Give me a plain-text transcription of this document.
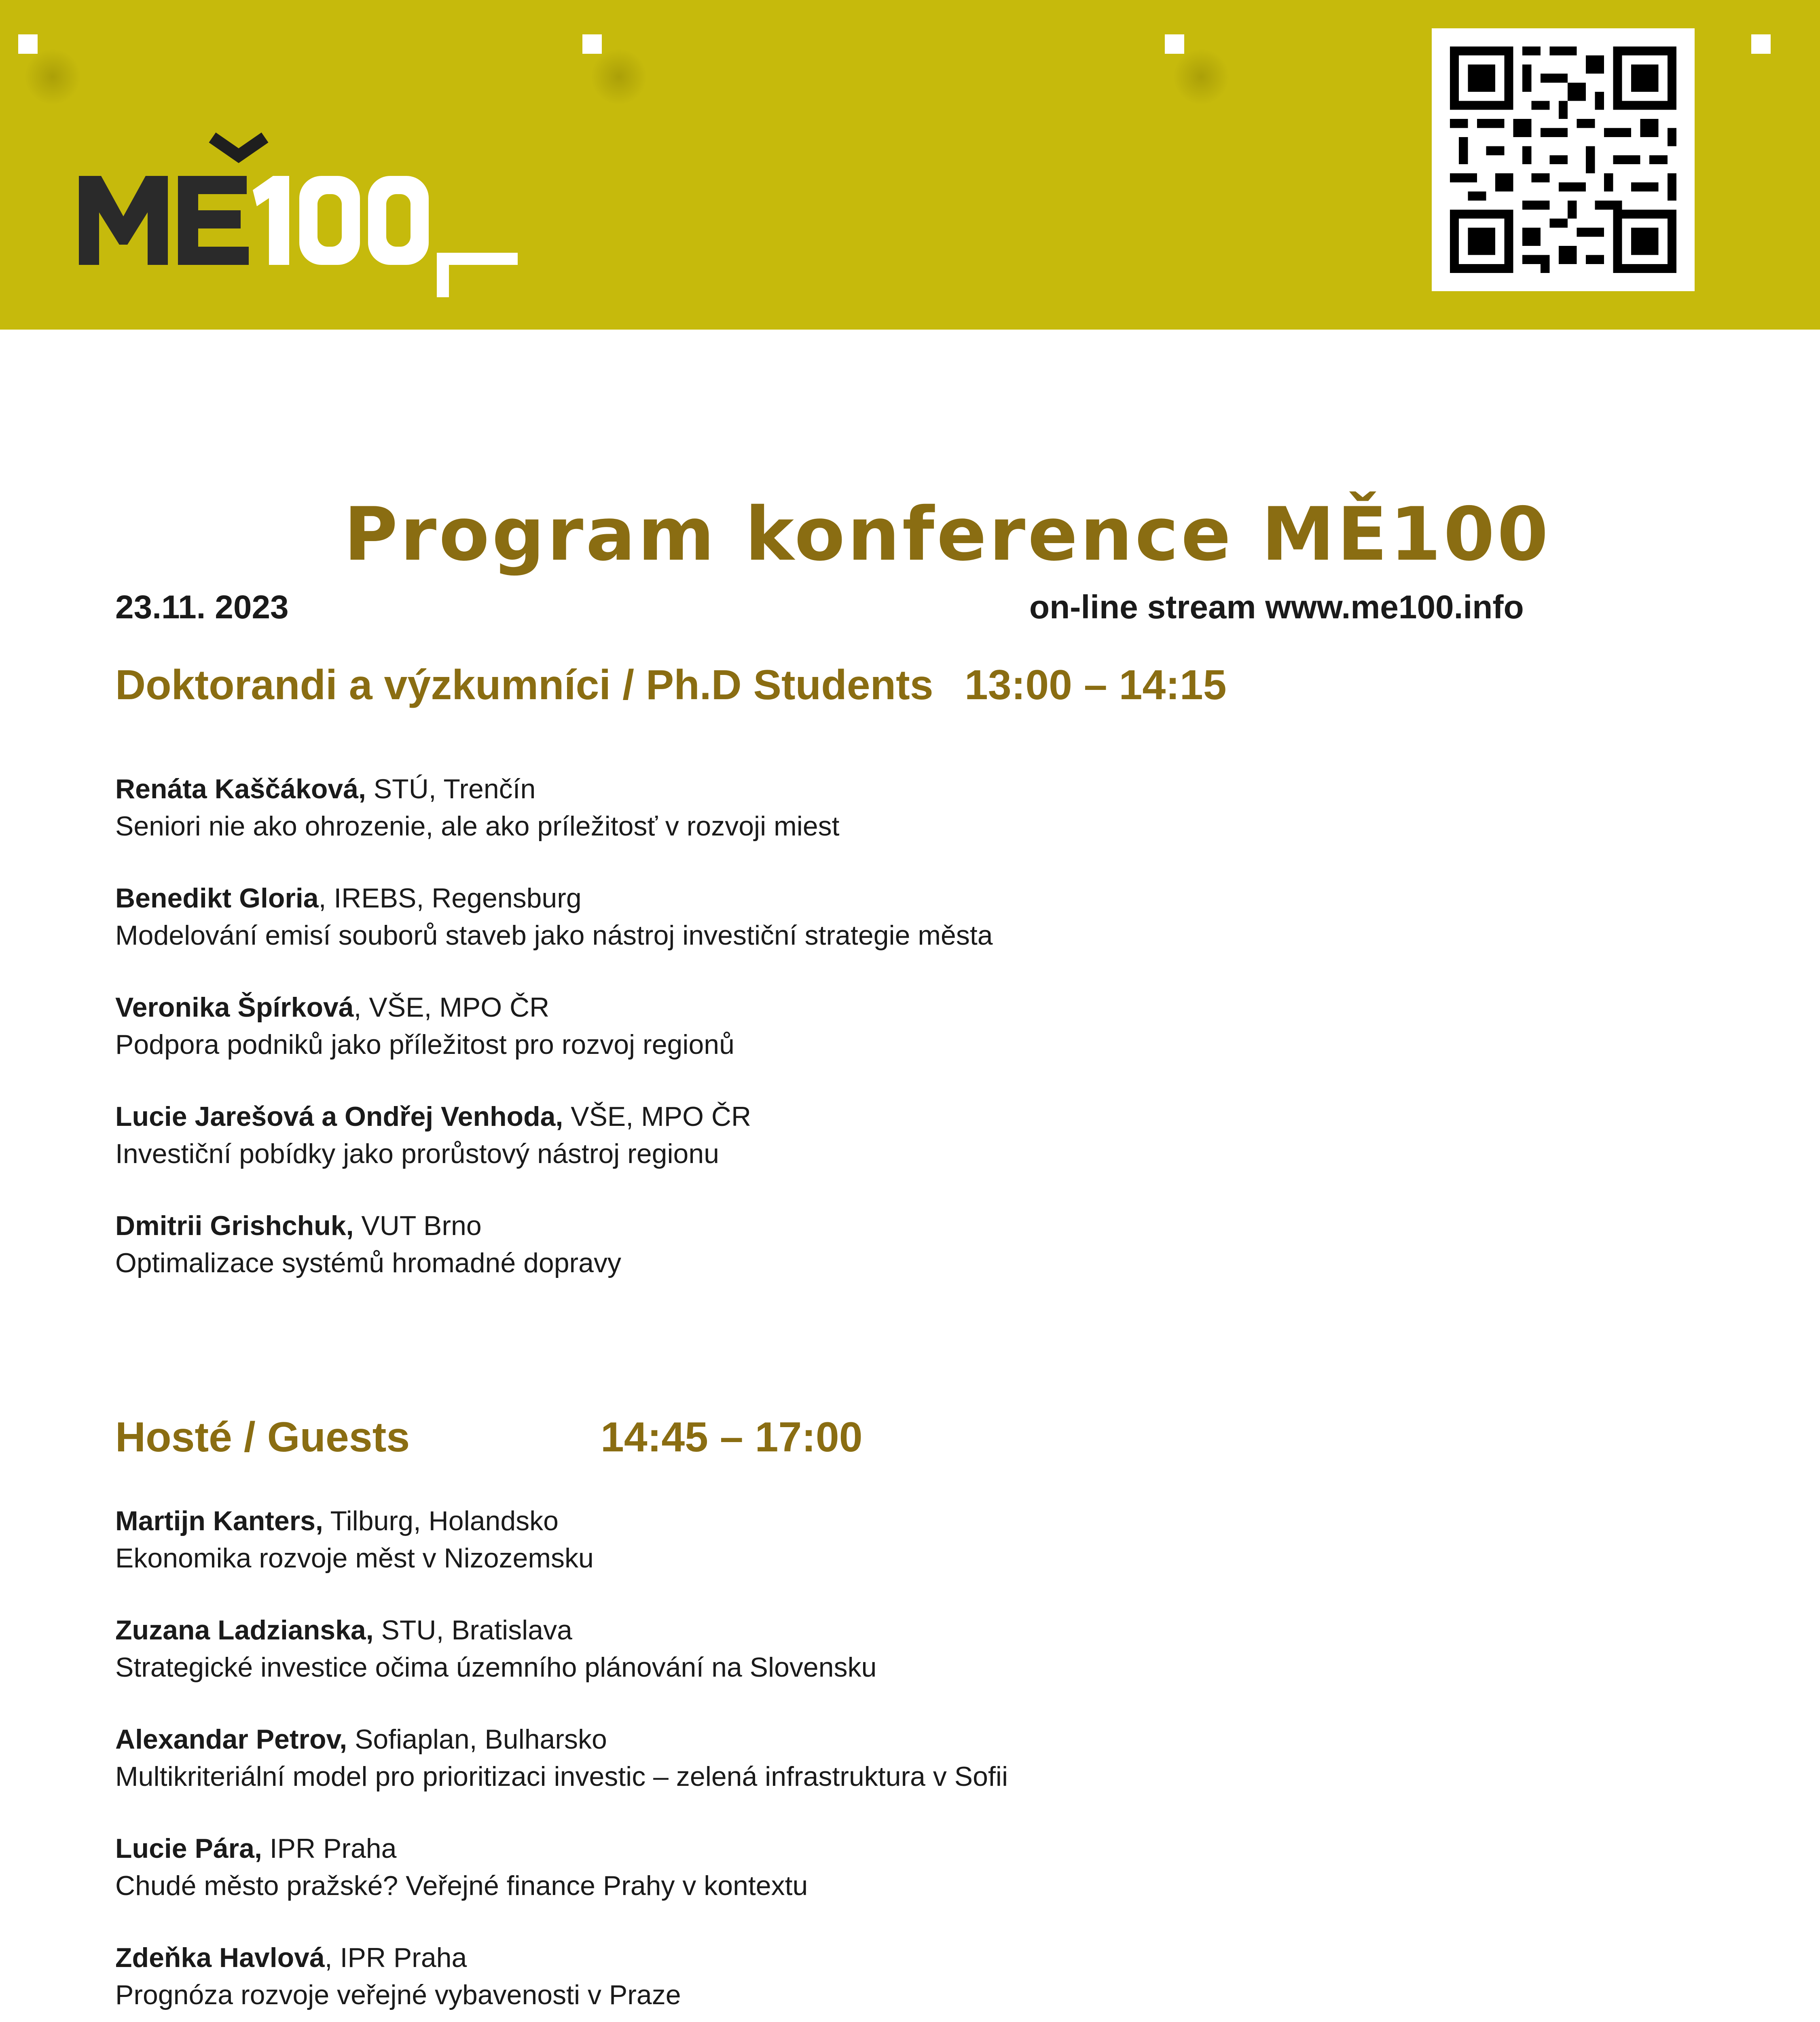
Program konference MĚ100
23.11. 2023	on-line stream www.me100.info
Doktorandi a výzkumníci / Ph.D Students 13:00 – 14:15
Renáta Kaščáková, STÚ, Trenčín
Seniori nie ako ohrozenie, ale ako príležitosť v rozvoji miest
Benedikt Gloria, IREBS, Regensburg
Modelování emisí souborů staveb jako nástroj investiční strategie města
Veronika Špírková, VŠE, MPO ČR
Podpora podniků jako příležitost pro rozvoj regionů
Lucie Jarešová a Ondřej Venhoda, VŠE, MPO ČR
Investiční pobídky jako prorůstový nástroj regionu
Dmitrii Grishchuk, VUT Brno
Optimalizace systémů hromadné dopravy
Hosté / Guests	14:45 – 17:00
Martijn Kanters, Tilburg, Holandsko
Ekonomika rozvoje měst v Nizozemsku
Zuzana Ladzianska, STU, Bratislava
Strategické investice očima územního plánování na Slovensku
Alexandar Petrov, Sofiaplan, Bulharsko
Multikriteriální model pro prioritizaci investic – zelená infrastruktura v Sofii
Lucie Pára, IPR Praha
Chudé město pražské? Veřejné finance Prahy v kontextu
Zdeňka Havlová, IPR Praha
Prognóza rozvoje veřejné vybavenosti v Praze
